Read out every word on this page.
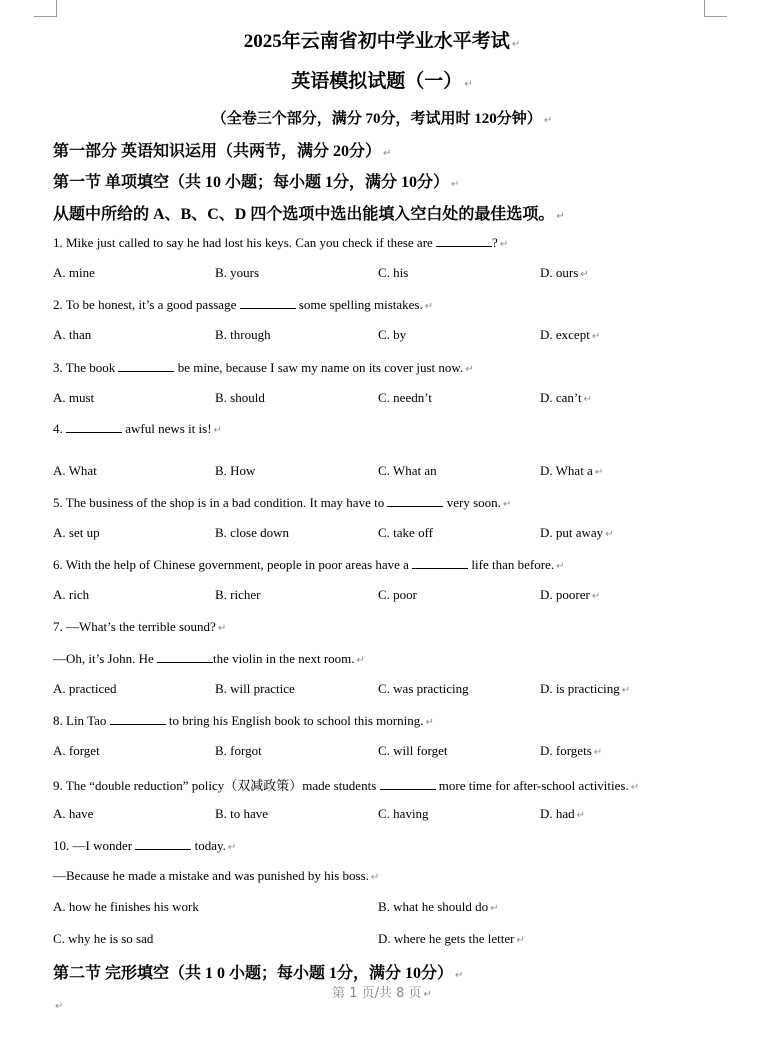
2025年云南省初中学业水平考试 ↵
英语模拟试题（一） ↵
（全卷三个部分，满分 70分，考试用时 120分钟） ↵
第一部分 英语知识运用（共两节，满分 20分） ↵
第一节 单项填空（共 10 小题；每小题 1分，满分 10分） ↵
从题中所给的 A、B、C、D 四个选项中选出能填入空白处的最佳选项。 ↵
1. Mike just called to say he had lost his keys. Can you check if these are	? ↵
A. mine	B. yours	C. his	D. ours ↵
2. To be honest, it’s a good passage	some spelling mistakes. ↵
A. than	B. through	C. by	D. except ↵
3. The book	be mine, because I saw my name on its cover just now. ↵
A. must	B. should	C. needn’t	D. can’t ↵
4.	awful news it is! ↵
A. What	B. How	C. What an	D. What a ↵
5. The business of the shop is in a bad condition. It may have to	very soon. ↵
A. set up	B. close down	C. take off	D. put away ↵
6. With the help of Chinese government, people in poor areas have a	life than before. ↵
A. rich	B. richer	C. poor	D. poorer ↵
7. —What’s the terrible sound? ↵
—Oh, it’s John. He	the violin in the next room. ↵
A. practiced	B. will practice	C. was practicing	D. is practicing ↵
8. Lin Tao	to bring his English book to school this morning. ↵
A. forget	B. forgot	C. will forget	D. forgets ↵
9. The “double reduction” policy（双减政策）made students	more time for after-school activities. ↵
A. have	B. to have	C. having	D. had ↵
10. —I wonder	today. ↵
—Because he made a mistake and was punished by his boss. ↵
A. how he finishes his work	B. what he should do ↵
C. why he is so sad	D. where he gets the letter ↵
第二节 完形填空（共 1 0 小题；每小题 1分，满分 10分） ↵
第 1 页/共 8 页 ↵
↵
